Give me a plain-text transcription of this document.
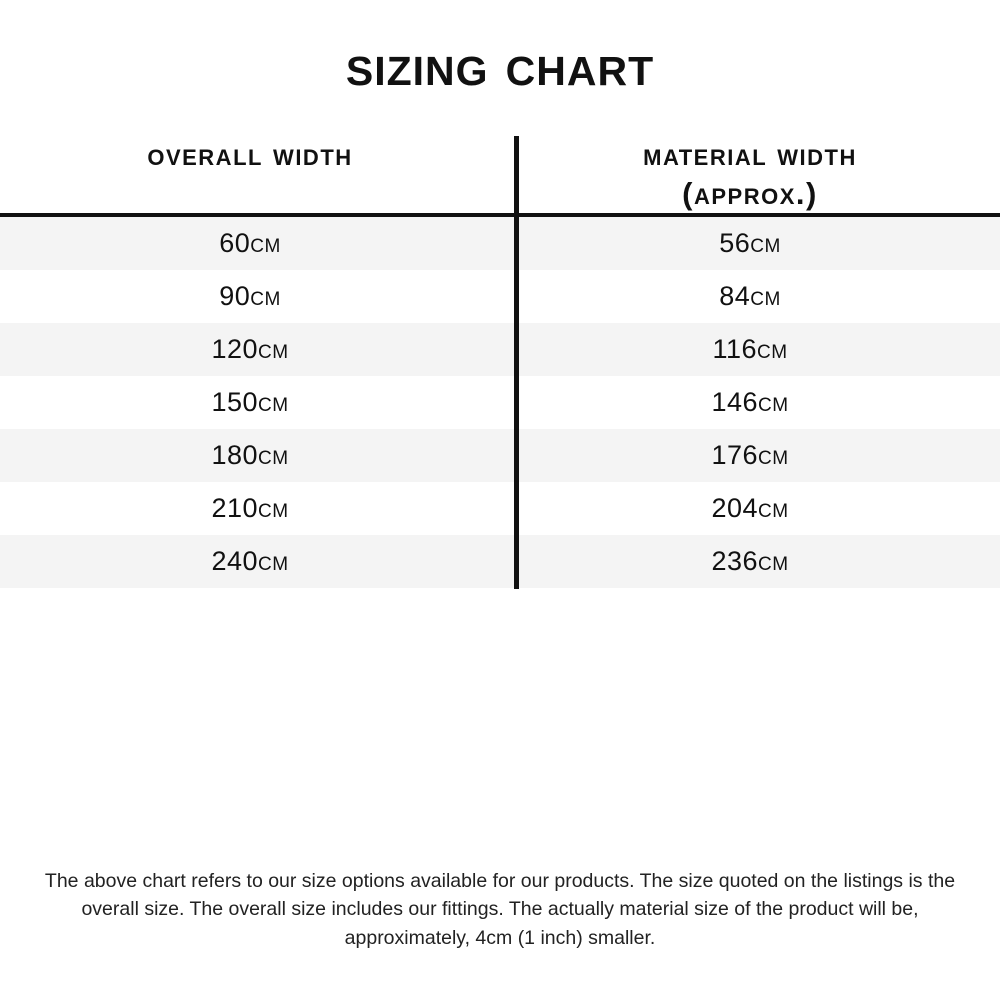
sizing chart
overall width	material width
(approx.)

60cm	56cm
90cm	84cm
120cm	116cm
150cm	146cm
180cm	176cm
210cm	204cm
240cm	236cm
The above chart refers to our size options available for our products. The size quoted on the listings is the overall size. The overall size includes our fittings. The actually material size of the product will be, approximately, 4cm (1 inch) smaller.
